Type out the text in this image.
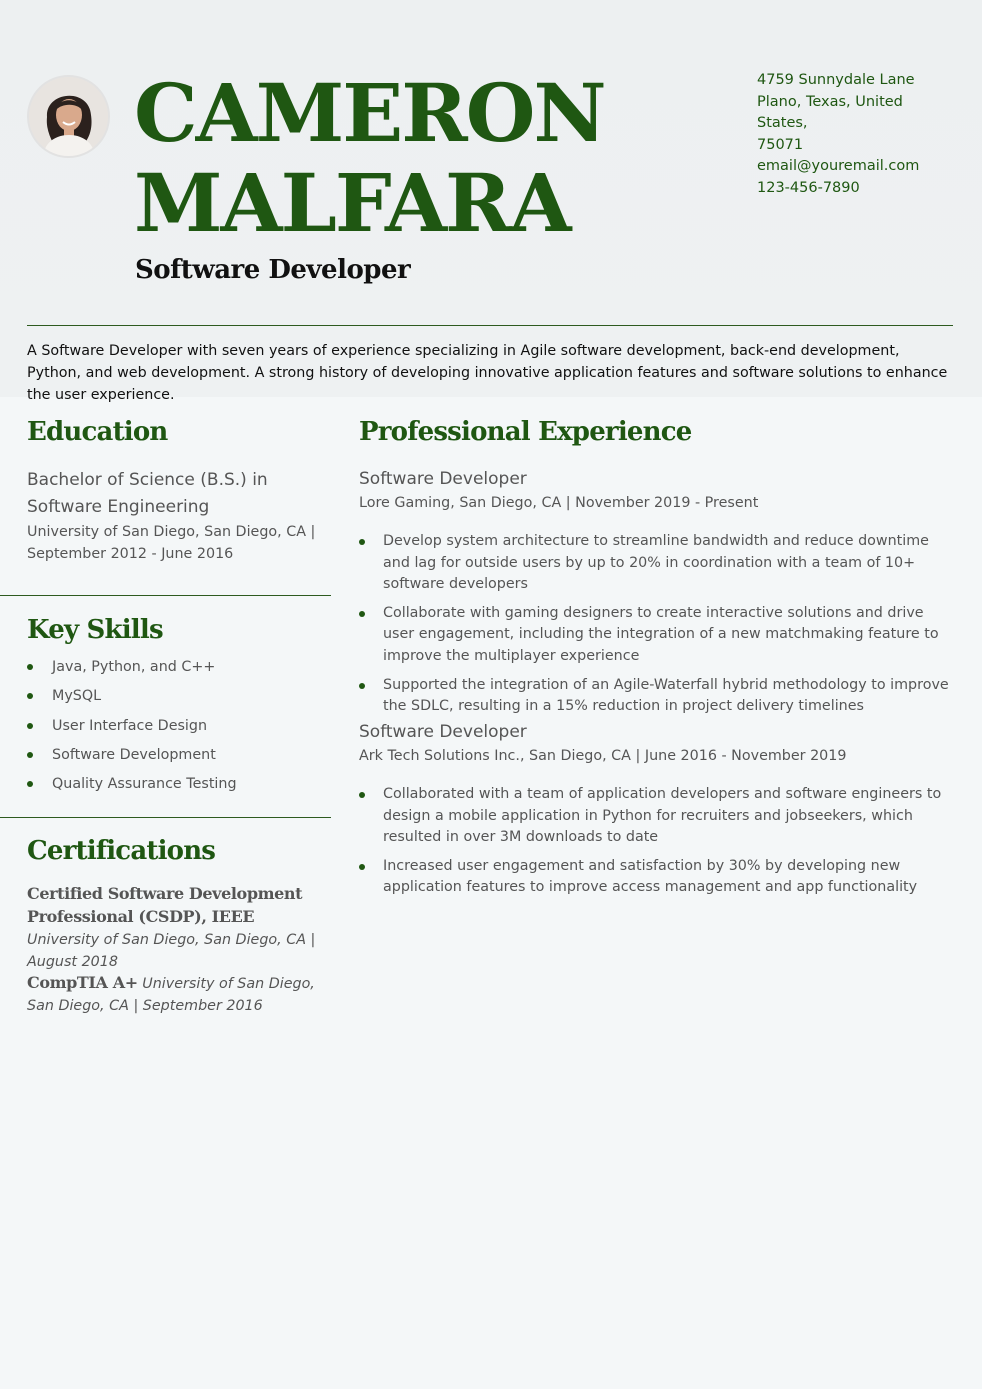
CAMERON
MALFARA
Software Developer
4759 Sunnydale Lane
Plano, Texas, United States,
75071
email@youremail.com
123-456-7890

A Software Developer with seven years of experience specializing in Agile software development, back-end development, Python, and web development. A strong history of developing innovative application features and software solutions to enhance the user experience.

Education
Bachelor of Science (B.S.) in Software Engineering
University of San Diego, San Diego, CA | September 2012 - June 2016
Key Skills
Java, Python, and C++
MySQL
User Interface Design
Software Development
Quality Assurance Testing
Certifications
Certified Software Development Professional (CSDP), IEEE University of San Diego, San Diego, CA | August 2018
CompTIA A+ University of San Diego, San Diego, CA | September 2016
Professional Experience
Software Developer
Lore Gaming, San Diego, CA | November 2019 - Present
Develop system architecture to streamline bandwidth and reduce downtime and lag for outside users by up to 20% in coordination with a team of 10+ software developers
Collaborate with gaming designers to create interactive solutions and drive user engagement, including the integration of a new matchmaking feature to improve the multiplayer experience
Supported the integration of an Agile-Waterfall hybrid methodology to improve the SDLC, resulting in a 15% reduction in project delivery timelines
Software Developer
Ark Tech Solutions Inc., San Diego, CA | June 2016 - November 2019
Collaborated with a team of application developers and software engineers to design a mobile application in Python for recruiters and jobseekers, which resulted in over 3M downloads to date
Increased user engagement and satisfaction by 30% by developing new application features to improve access management and app functionality
